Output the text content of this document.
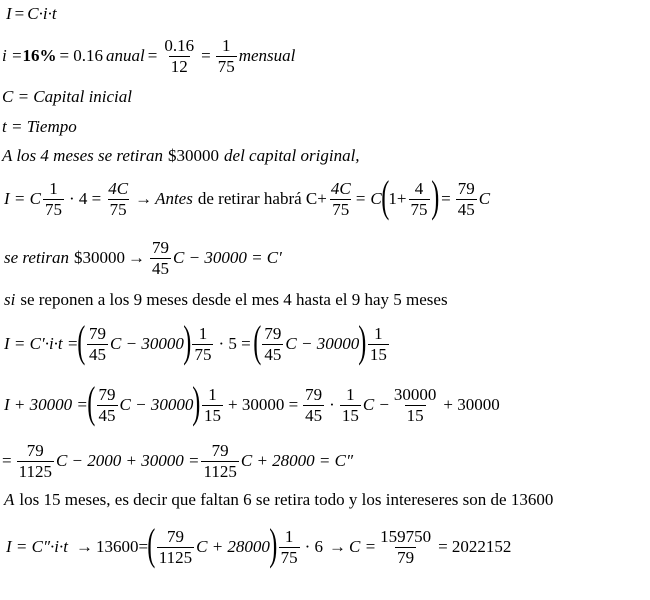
I = C·i·t
i = 16% = 0.16 anual = $\frac{0.16}{12} = \frac{1}{75}$ mensual
C = Capital inicial
t = Tiempo
A los 4 meses se retiran $30000 del capital original,
I = C $\frac{1}{75} \cdot 4 = \frac{4C}{75}$ → Antes de retirar habrá $C+ \frac{4C}{75} = C$ ( $1+ \frac{4}{75}$ ) = $\frac{79}{45}$ C
se retiran $30000 → $\frac{79}{45}$ C − 30000 = C′
si se reponen a los 9 meses desde el mes 4 hasta el 9 hay 5 meses
I = C′·i·t = ( $\frac{79}{45}$ C − 30000 ) $\frac{1}{75} \cdot 5$ = ( $\frac{79}{45}$ C − 30000 ) $\frac{1}{15}$
I + 30000 = ( $\frac{79}{45}$ C − 30000 ) $\frac{1}{15} + 30000 = \frac{79}{45} \cdot \frac{1}{15}$ $C - \frac{30000}{15} + 30000$
= $\frac{79}{1125}$ $C - 2000 + 30000 = \frac{79}{1125}$ C + 28000 = C″
A los 15 meses, es decir que faltan 6 se retira todo y los intereseres son de 13600
I = C″·i·t → 13600= ( $\frac{79}{1125}$ C + 28000 ) $\frac{1}{75} \cdot 6 \to C = \frac{159750}{79} = 2022152$
